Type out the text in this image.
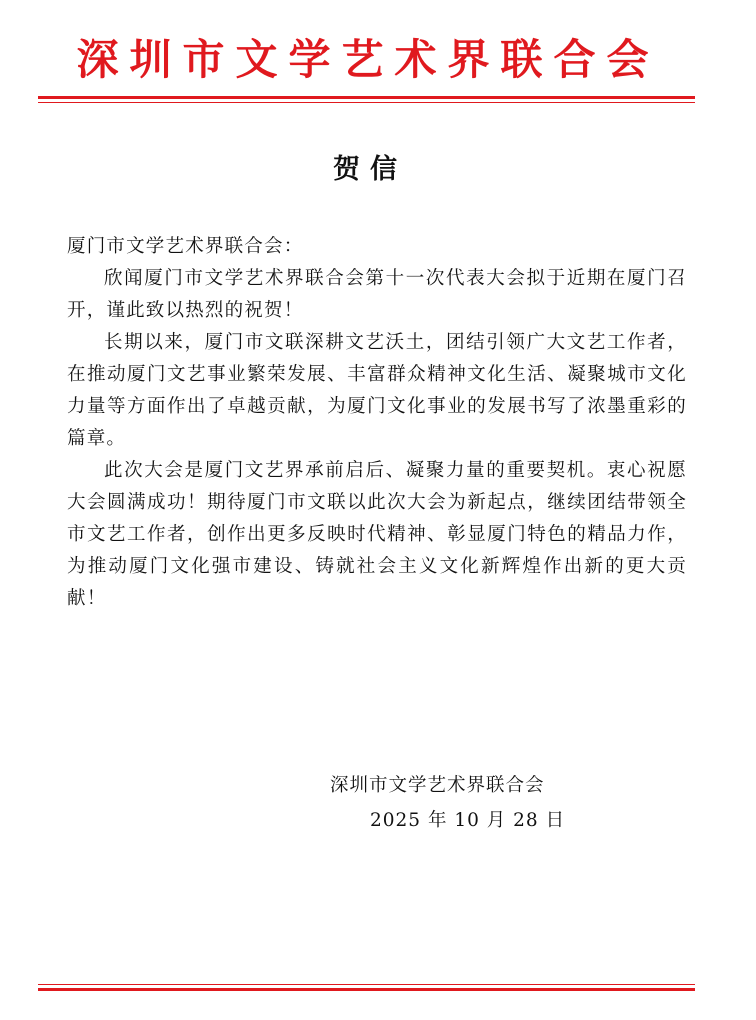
深圳市文学艺术界联合会
贺信

厦门市文学艺术界联合会：

欣闻厦门市文学艺术界联合会第十一次代表大会拟于近期在厦门召开，谨此致以热烈的祝贺！

长期以来，厦门市文联深耕文艺沃土，团结引领广大文艺工作者，在推动厦门文艺事业繁荣发展、丰富群众精神文化生活、凝聚城市文化力量等方面作出了卓越贡献，为厦门文化事业的发展书写了浓墨重彩的篇章。

此次大会是厦门文艺界承前启后、凝聚力量的重要契机。衷心祝愿大会圆满成功！期待厦门市文联以此次大会为新起点，继续团结带领全市文艺工作者，创作出更多反映时代精神、彰显厦门特色的精品力作，为推动厦门文化强市建设、铸就社会主义文化新辉煌作出新的更大贡献！

深圳市文学艺术界联合会
2025 年 10 月 28 日
